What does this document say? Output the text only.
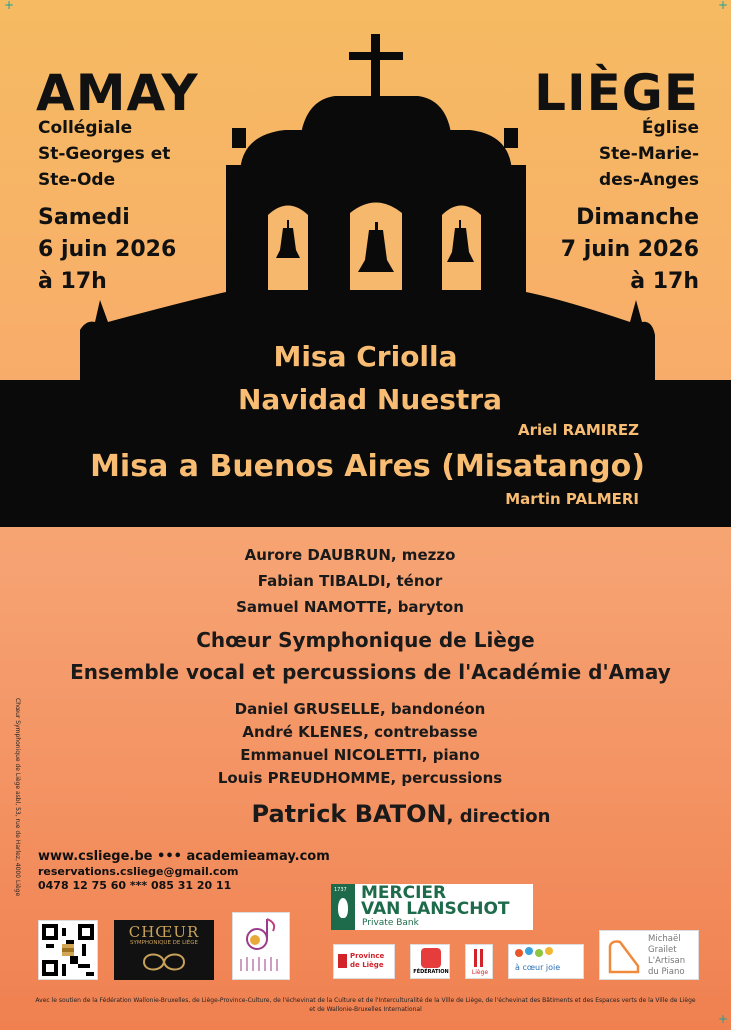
+	+
+
AMAY
Collégiale
St-Georges et
Ste-Ode
Samedi
6 juin 2026
à 17h
LIÈGE
Église
Ste-Marie-
des-Anges
Dimanche
7 juin 2026
à 17h
Misa Criolla
Navidad Nuestra
Ariel RAMIREZ
Misa a Buenos Aires (Misatango)
Martin PALMERI
Aurore DAUBRUN, mezzo
Fabian TIBALDI, ténor
Samuel NAMOTTE, baryton
Chœur Symphonique de Liège
Ensemble vocal et percussions de l'Académie d'Amay
Daniel GRUSELLE, bandonéon
André KLENES, contrebasse
Emmanuel NICOLETTI, piano
Louis PREUDHOMME, percussions
Patrick BATON, direction
Chœur Symphonique de Liège asbl, 53, rue de Harlez, 4000 Liège www.csliege.be ••• academieamay.com
reservations.csliege@gmail.com
0478 12 75 60 *** 085 31 20 11	1737 MERCIER
VAN LANSCHOT
Private Bank
CHŒUR
SYMPHONIQUE DE LIÈGE
Province de Liège
FÉDÉRATION	Liège
à cœur joie
Michaël
Grailet
L'Artisan
du Piano
Avec le soutien de la Fédération Wallonie-Bruxelles, de Liège-Province-Culture, de l'échevinat de la Culture et de l'Interculturalité de la Ville de Liège, de l'échevinat des Bâtiments et des Espaces verts de la Ville de Liège
et de Wallonie-Bruxelles International
